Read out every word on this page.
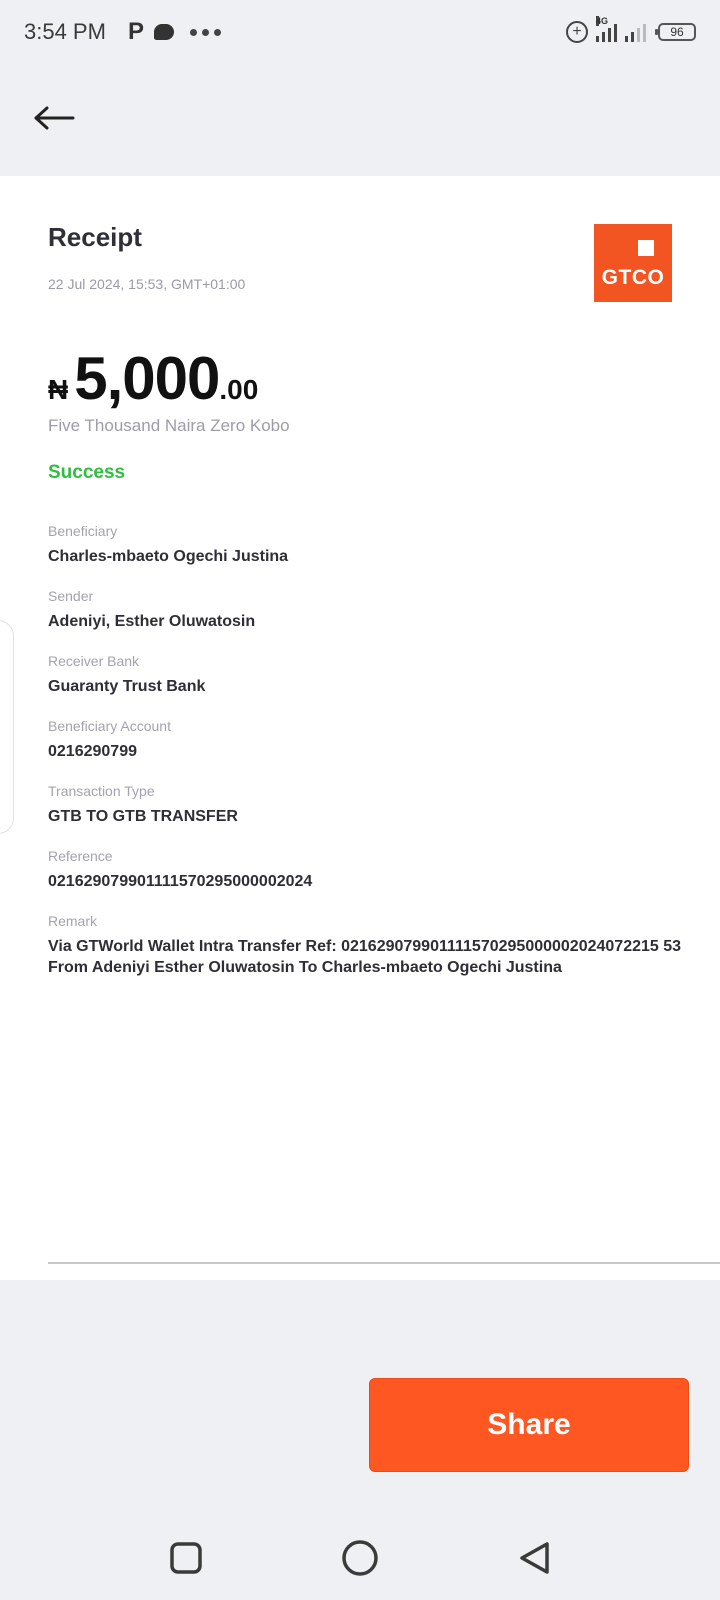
3:54 PM P	+
4G
96
Receipt
22 Jul 2024, 15:53, GMT+01:00	GTCO
₦ 5,000 .00
Five Thousand Naira Zero Kobo
Success
Beneficiary
Charles-mbaeto Ogechi Justina
Sender
Adeniyi, Esther Oluwatosin
Receiver Bank
Guaranty Trust Bank
Beneficiary Account
0216290799
Transaction Type
GTB TO GTB TRANSFER
Reference
021629079901111570295000002024
Remark
Via GTWorld Wallet Intra Transfer Ref: 021629079901111570295000002024072215 53 From Adeniyi Esther Oluwatosin To Charles-mbaeto Ogechi Justina
Share
